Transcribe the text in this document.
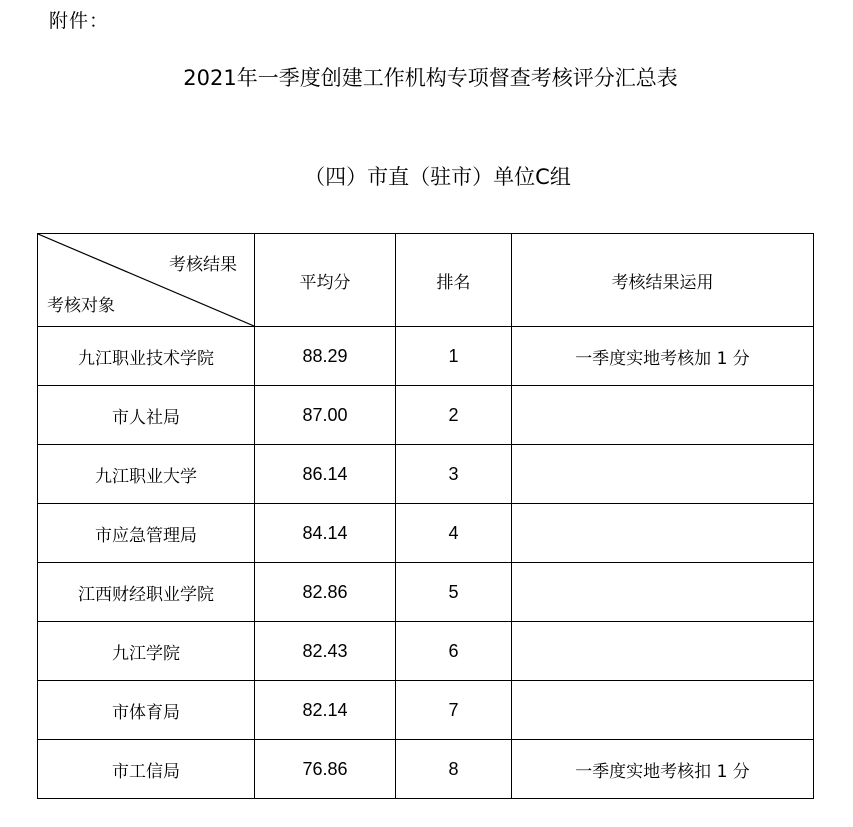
附件：
2021年一季度创建工作机构专项督查考核评分汇总表
（四）市直（驻市）单位C组
考核结果
考核对象	平均分	排名	考核结果运用
九江职业技术学院	88.29	1	一季度实地考核加 1 分
市人社局	87.00	2	
九江职业大学	86.14	3	
市应急管理局	84.14	4	
江西财经职业学院	82.86	5	
九江学院	82.43	6	
市体育局	82.14	7	
市工信局	76.86	8	一季度实地考核扣 1 分
